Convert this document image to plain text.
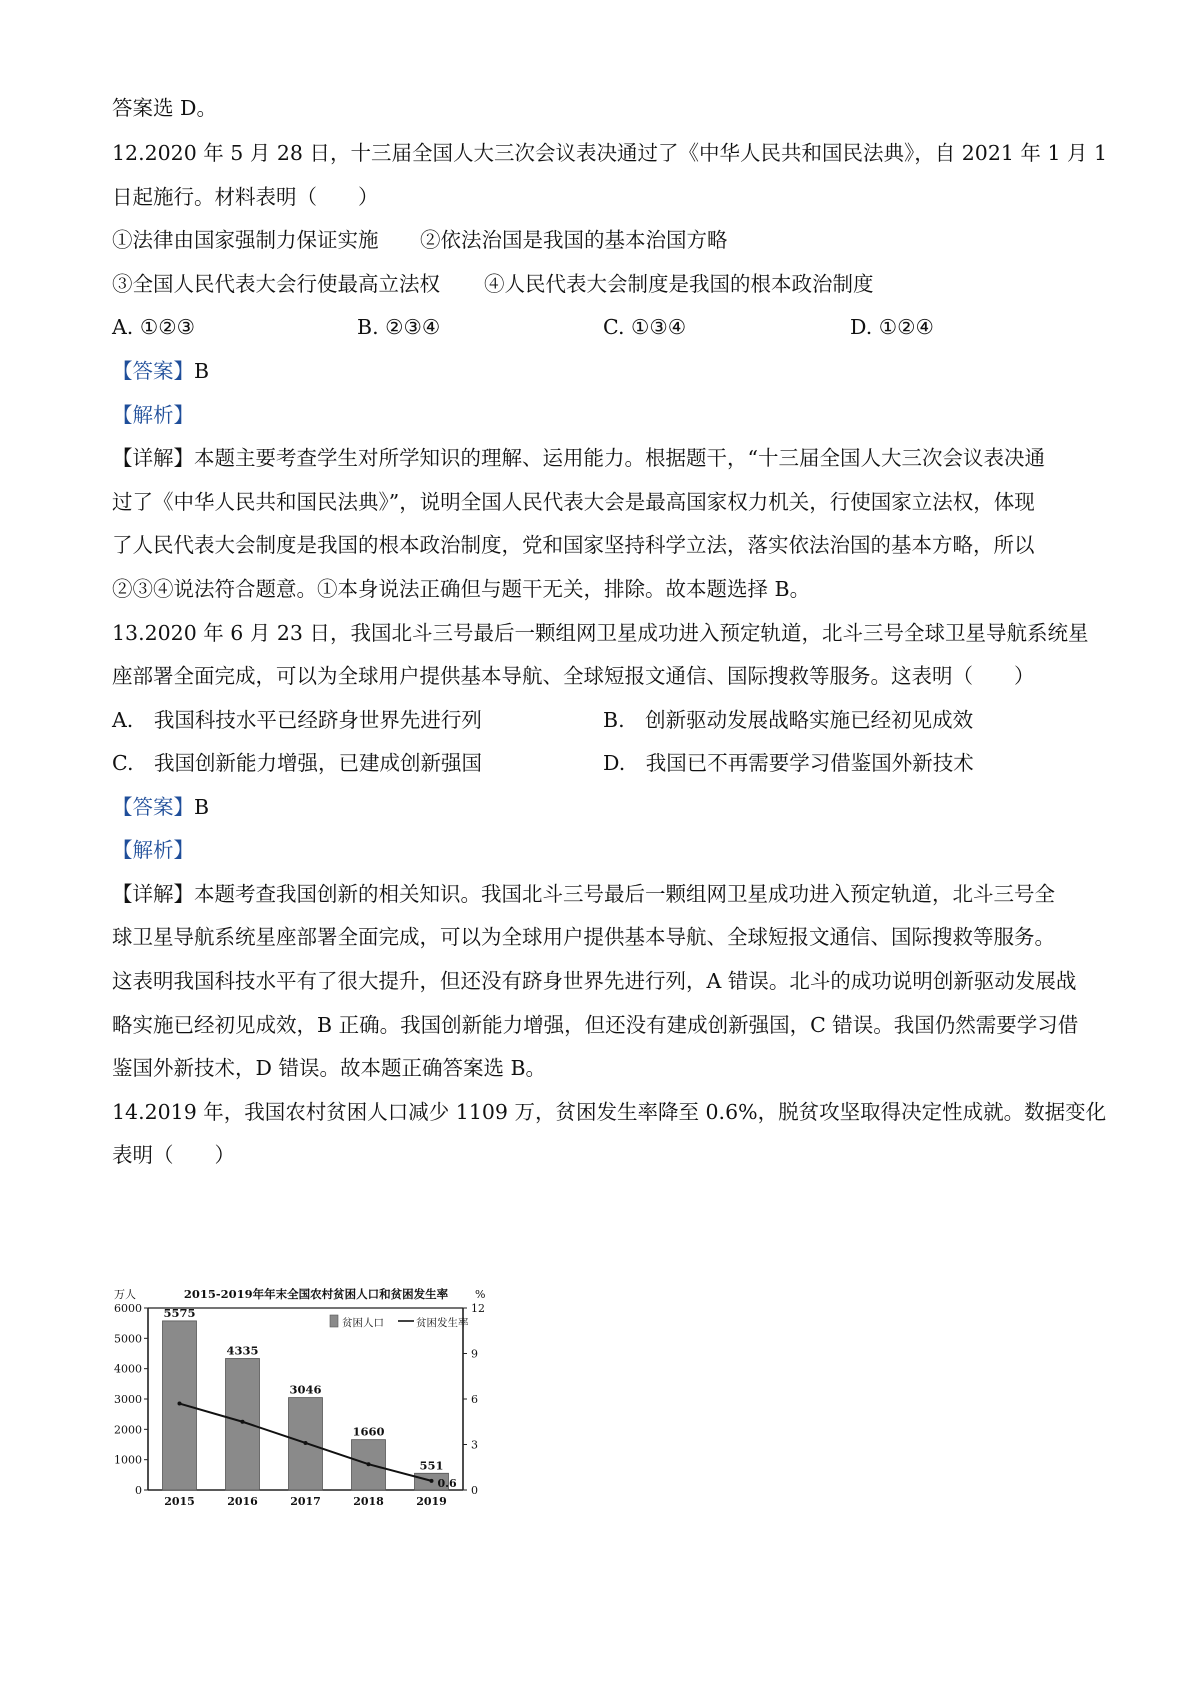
答案选 D。
12.2020 年 5 月 28 日，十三届全国人大三次会议表决通过了《中华人民共和国民法典》，自 2021 年 1 月 1
日起施行。材料表明（　　）
①法律由国家强制力保证实施 ②依法治国是我国的基本治国方略
③全国人民代表大会行使最高立法权 ④人民代表大会制度是我国的根本政治制度
A. ①②③	B. ②③④	C. ①③④	D. ①②④
【答案】B
【解析】
【详解】本题主要考查学生对所学知识的理解、运用能力。根据题干，“十三届全国人大三次会议表决通
过了《中华人民共和国民法典》”，说明全国人民代表大会是最高国家权力机关，行使国家立法权，体现
了人民代表大会制度是我国的根本政治制度，党和国家坚持科学立法，落实依法治国的基本方略，所以
②③④说法符合题意。①本身说法正确但与题干无关，排除。故本题选择 B。
13.2020 年 6 月 23 日，我国北斗三号最后一颗组网卫星成功进入预定轨道，北斗三号全球卫星导航系统星
座部署全面完成，可以为全球用户提供基本导航、全球短报文通信、国际搜救等服务。这表明（　　）
A.　我国科技水平已经跻身世界先进行列	B.　创新驱动发展战略实施已经初见成效
C.　我国创新能力增强，已建成创新强国	D.　我国已不再需要学习借鉴国外新技术
【答案】B
【解析】
【详解】本题考查我国创新的相关知识。我国北斗三号最后一颗组网卫星成功进入预定轨道，北斗三号全
球卫星导航系统星座部署全面完成，可以为全球用户提供基本导航、全球短报文通信、国际搜救等服务。
这表明我国科技水平有了很大提升，但还没有跻身世界先进行列，A 错误。北斗的成功说明创新驱动发展战
略实施已经初见成效，B 正确。我国创新能力增强，但还没有建成创新强国，C 错误。我国仍然需要学习借
鉴国外新技术，D 错误。故本题正确答案选 B。
14.2019 年，我国农村贫困人口减少 1109 万，贫困发生率降至 0.6%，脱贫攻坚取得决定性成就。数据变化
表明（　　）
0
1000
2000
3000
4000
5000
6000
0
3
6
9
12
万人	%
2015-2019年年末全国农村贫困人口和贫困发生率
5575
2015
4335
2016
3046
2017
1660
2018
551
2019
0.6
贫困人口	贫困发生率
